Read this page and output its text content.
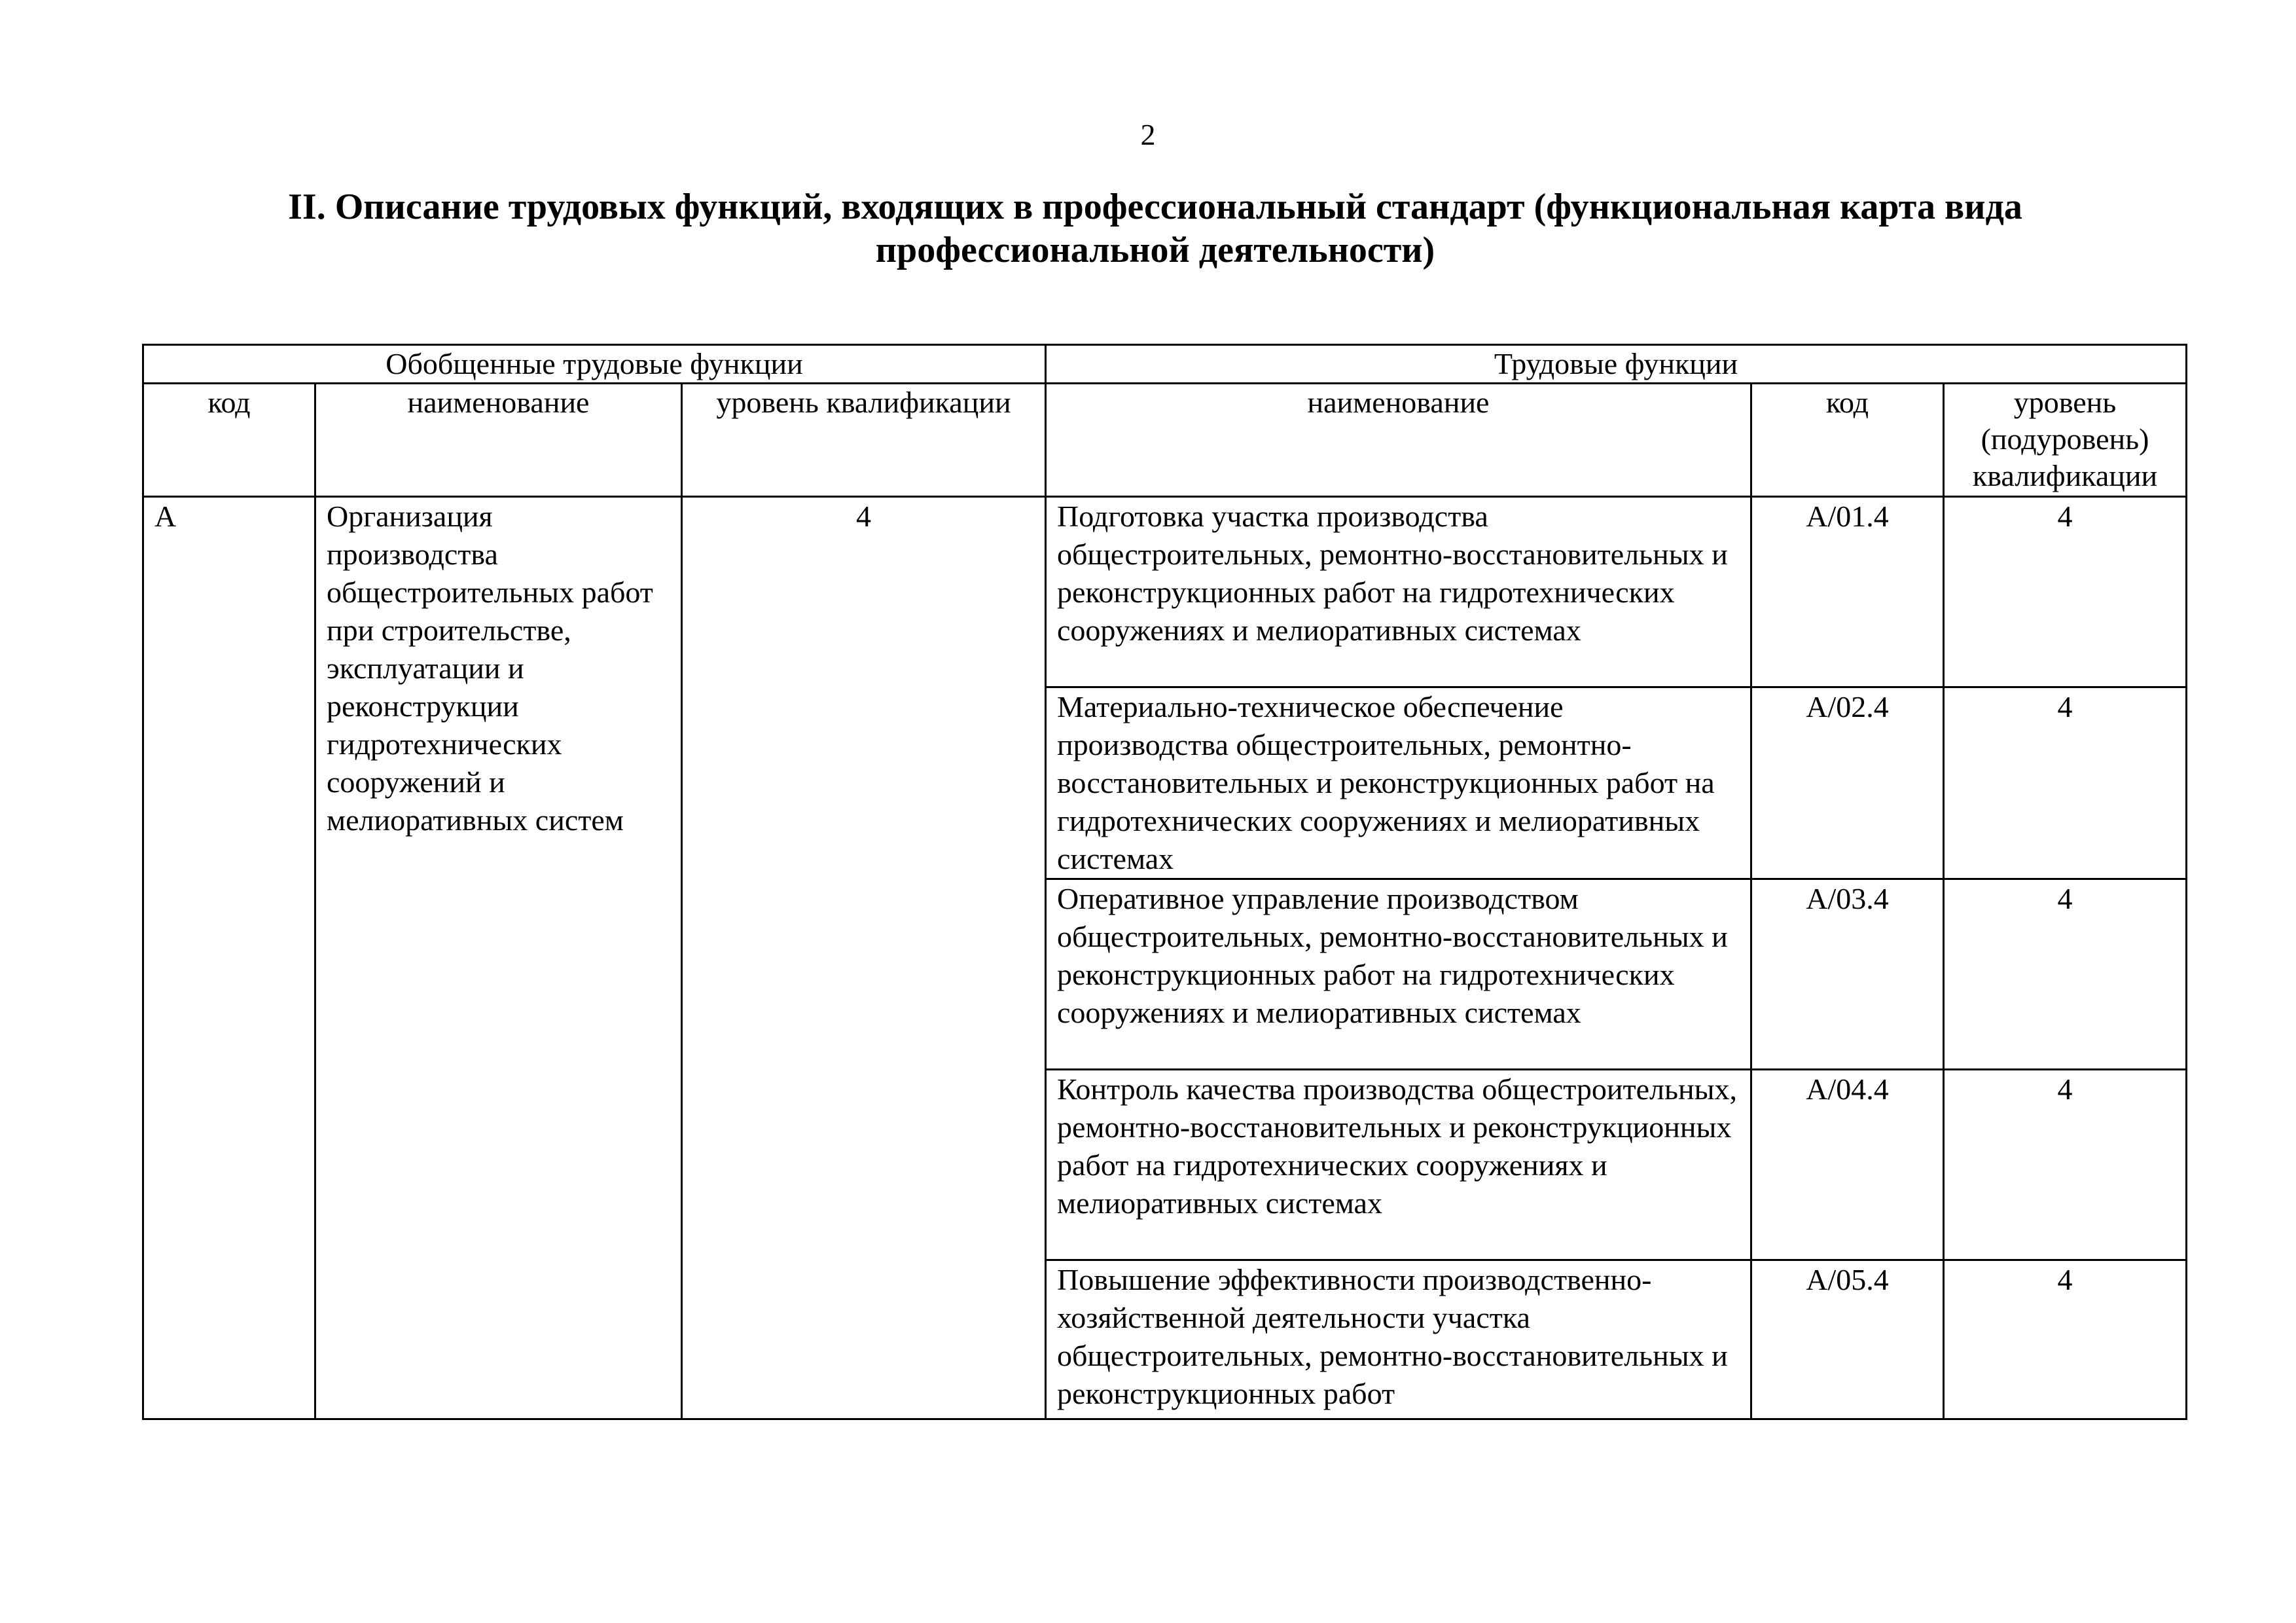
2
II. Описание трудовых функций, входящих в профессиональный стандарт (функциональная карта вида профессиональной деятельности)
Обобщенные трудовые функции			Трудовые функции		
код	наименование	уровень квалификации	наименование	код	уровень (подуровень) квалификации
А	Организация производства общестроительных работ при строительстве, эксплуатации и реконструкции гидротехнических сооружений и мелиоративных систем	4	Подготовка участка производства общестроительных, ремонтно-восстановительных и реконструкционных работ на гидротехнических сооружениях и мелиоративных системах	А/01.4	4
			Материально-техническое обеспечение производства общестроительных, ремонтно-восстановительных и реконструкционных работ на гидротехнических сооружениях и мелиоративных системах	А/02.4	4
			Оперативное управление производством общестроительных, ремонтно-восстановительных и реконструкционных работ на гидротехнических сооружениях и мелиоративных системах	А/03.4	4
			Контроль качества производства общестроительных, ремонтно-восстановительных и реконструкционных работ на гидротехнических сооружениях и мелиоративных системах	А/04.4	4
			Повышение эффективности производственно-хозяйственной деятельности участка общестроительных, ремонтно-восстановительных и реконструкционных работ	А/05.4	4
